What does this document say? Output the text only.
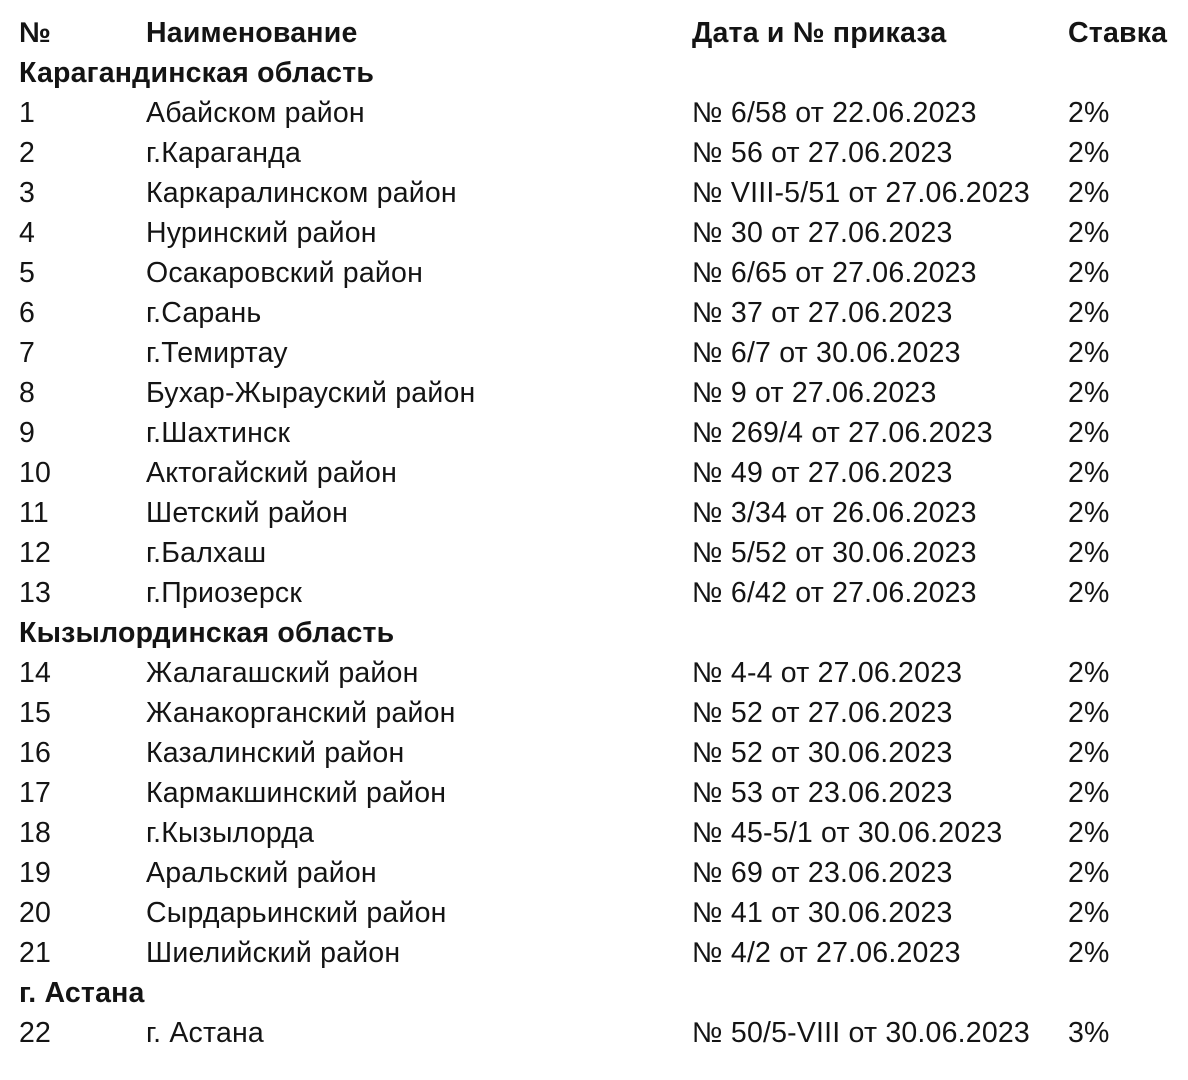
№	Наименование	Дата и № приказа	Ставка
Карагандинская область
1	Абайском район	№ 6/58 от 22.06.2023	2%
2	г.Караганда	№ 56 от 27.06.2023	2%
3	Каркаралинском район	№ VIII-5/51 от 27.06.2023 2%
4	Нуринский район	№ 30 от 27.06.2023	2%
5	Осакаровский район	№ 6/65 от 27.06.2023	2%
6	г.Сарань	№ 37 от 27.06.2023	2%
7	г.Темиртау	№ 6/7 от 30.06.2023	2%
8	Бухар-Жырауский район	№ 9 от 27.06.2023	2%
9	г.Шахтинск	№ 269/4 от 27.06.2023	2%
10	Актогайский район	№ 49 от 27.06.2023	2%
11	Шетский район	№ 3/34 от 26.06.2023	2%
12	г.Балхаш	№ 5/52 от 30.06.2023	2%
13	г.Приозерск	№ 6/42 от 27.06.2023	2%
Кызылординская область
14	Жалагашский район	№ 4-4 от 27.06.2023	2%
15	Жанакорганский район	№ 52 от 27.06.2023	2%
16	Казалинский район	№ 52 от 30.06.2023	2%
17	Кармакшинский район	№ 53 от 23.06.2023	2%
18	г.Кызылорда	№ 45-5/1 от 30.06.2023 2%
19	Аральский район	№ 69 от 23.06.2023	2%
20	Сырдарьинский район	№ 41 от 30.06.2023	2%
21	Шиелийский район	№ 4/2 от 27.06.2023	2%
г. Астана
22	г. Астана	№ 50/5-VIII от 30.06.2023 3%
